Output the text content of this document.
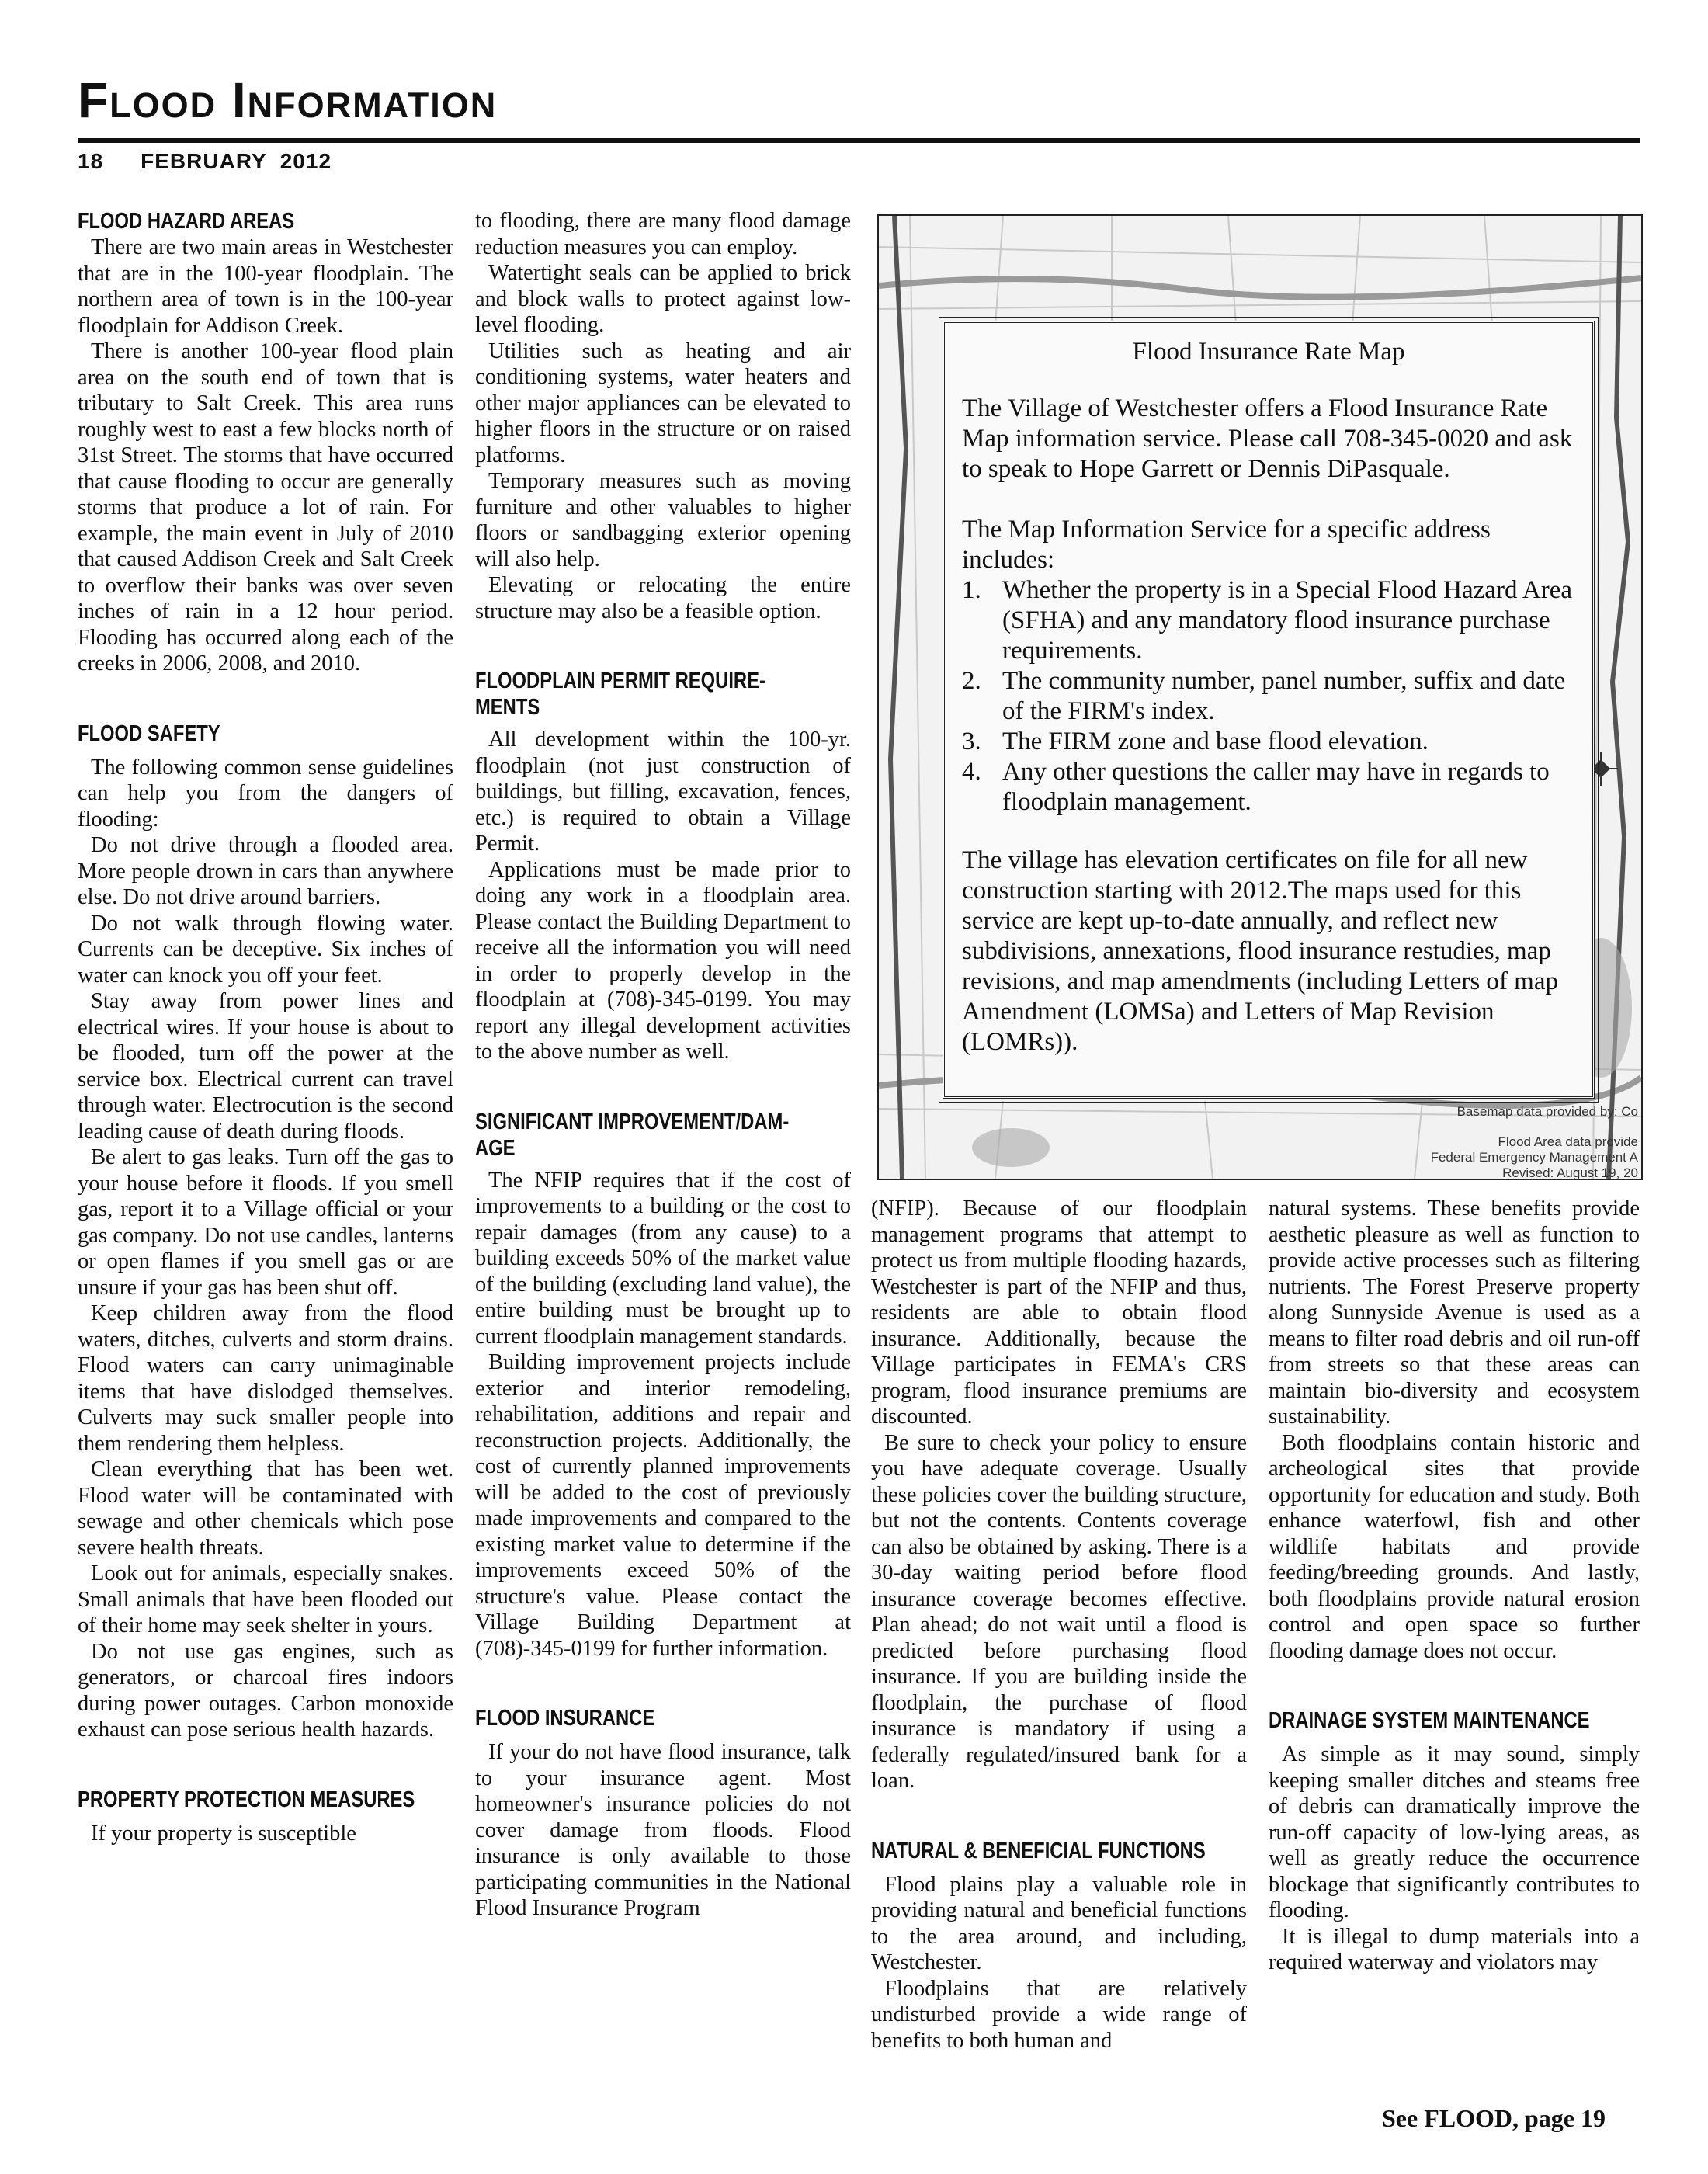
Flood Information
18 FEBRUARY  2012
FLOOD HAZARD AREAS

There are two main areas in Westchester that are in the 100-year floodplain. The northern area of town is in the 100-year floodplain for Addison Creek.

There is another 100-year flood plain area on the south end of town that is tributary to Salt Creek. This area runs roughly west to east a few blocks north of 31st Street. The storms that have occurred that cause flooding to occur are generally storms that produce a lot of rain. For example, the main event in July of 2010 that caused Addison Creek and Salt Creek to overflow their banks was over seven inches of rain in a 12 hour period. Flooding has occurred along each of the creeks in 2006, 2008, and 2010.

FLOOD SAFETY

The following common sense guidelines can help you from the dangers of flooding:

Do not drive through a flooded area. More people drown in cars than anywhere else. Do not drive around barriers.

Do not walk through flowing water. Currents can be deceptive. Six inches of water can knock you off your feet.

Stay away from power lines and electrical wires. If your house is about to be flooded, turn off the power at the service box. Electrical current can travel through water. Electrocution is the second leading cause of death during floods.

Be alert to gas leaks. Turn off the gas to your house before it floods. If you smell gas, report it to a Village official or your gas company. Do not use candles, lanterns or open flames if you smell gas or are unsure if your gas has been shut off.

Keep children away from the flood waters, ditches, culverts and storm drains. Flood waters can carry unimaginable items that have dislodged themselves. Culverts may suck smaller people into them rendering them helpless.

Clean everything that has been wet. Flood water will be contaminated with sewage and other chemicals which pose severe health threats.

Look out for animals, especially snakes. Small animals that have been flooded out of their home may seek shelter in yours.

Do not use gas engines, such as generators, or charcoal fires indoors during power outages. Carbon monoxide exhaust can pose serious health hazards.

PROPERTY PROTECTION MEASURES

If your property is susceptible

to flooding, there are many flood damage reduction measures you can employ.

Watertight seals can be applied to brick and block walls to protect against low-level flooding.

Utilities such as heating and air conditioning systems, water heaters and other major appliances can be elevated to higher floors in the structure or on raised platforms.

Temporary measures such as moving furniture and other valuables to higher floors or sandbagging exterior opening will also help.

Elevating or relocating the entire structure may also be a feasible option.

FLOODPLAIN PERMIT REQUIRE-
MENTS

All development within the 100-yr. floodplain (not just construction of buildings, but filling, excavation, fences, etc.) is required to obtain a Village Permit.

Applications must be made prior to doing any work in a floodplain area. Please contact the Building Department to receive all the information you will need in order to properly develop in the floodplain at (708)-345-0199. You may report any illegal development activities to the above number as well.

SIGNIFICANT IMPROVEMENT/DAM-
AGE

The NFIP requires that if the cost of improvements to a building or the cost to repair damages (from any cause) to a building exceeds 50% of the market value of the building (excluding land value), the entire building must be brought up to current floodplain management standards.

Building improvement projects include exterior and interior remodeling, rehabilitation, additions and repair and reconstruction projects. Additionally, the cost of currently planned improvements will be added to the cost of previously made improvements and compared to the existing market value to determine if the improvements exceed 50% of the structure's value. Please contact the Village Building Department at (708)-345-0199 for further information.

FLOOD INSURANCE

If your do not have flood insurance, talk to your insurance agent. Most homeowner's insurance policies do not cover damage from floods. Flood insurance is only available to those participating communities in the National Flood Insurance Program

(NFIP). Because of our floodplain management programs that attempt to protect us from multiple flooding hazards, Westchester is part of the NFIP and thus, residents are able to obtain flood insurance. Additionally, because the Village participates in FEMA's CRS program, flood insurance premiums are discounted.

Be sure to check your policy to ensure you have adequate coverage. Usually these policies cover the building structure, but not the contents. Contents coverage can also be obtained by asking. There is a 30-day waiting period before flood insurance coverage becomes effective. Plan ahead; do not wait until a flood is predicted before purchasing flood insurance. If you are building inside the floodplain, the purchase of flood insurance is mandatory if using a federally regulated/insured bank for a loan.

NATURAL & BENEFICIAL FUNCTIONS

Flood plains play a valuable role in providing natural and beneficial functions to the area around, and including, Westchester.

Floodplains that are relatively undisturbed provide a wide range of benefits to both human and

natural systems. These benefits provide aesthetic pleasure as well as function to provide active processes such as filtering nutrients. The Forest Preserve property along Sunnyside Avenue is used as a means to filter road debris and oil run-off from streets so that these areas can maintain bio-diversity and ecosystem sustainability.

Both floodplains contain historic and archeological sites that provide opportunity for education and study. Both enhance waterfowl, fish and other wildlife habitats and provide feeding/breeding grounds. And lastly, both floodplains provide natural erosion control and open space so further flooding damage does not occur.

DRAINAGE SYSTEM MAINTENANCE

As simple as it may sound, simply keeping smaller ditches and steams free of debris can dramatically improve the run-off capacity of low-lying areas, as well as greatly reduce the occurrence blockage that significantly contributes to flooding.

It is illegal to dump materials into a required waterway and violators may

See FLOOD, page 19
Flood Insurance Rate Map

The Village of Westchester offers a Flood Insurance Rate Map information service. Please call 708-345-0020 and ask to speak to Hope Garrett or Dennis DiPasquale.

The Map Information Service for a specific address includes:

1. Whether the property is in a Special Flood Hazard Area (SFHA) and any mandatory flood insurance purchase requirements.
2. The community number, panel number, suffix and date of the FIRM's index.
3. The FIRM zone and base flood elevation.
4. Any other questions the caller may have in regards to floodplain management.

The village has elevation certificates on file for all new construction starting with 2012.The maps used for this service are kept up-to-date annually, and reflect new subdivisions, annexations, flood insurance restudies, map revisions, and map amendments (including Letters of map Amendment (LOMSa) and Letters of Map Revision (LOMRs)).

Basemap data provided by: Co
Flood Area data provide
Federal Emergency Management A
Revised: August 19, 20
